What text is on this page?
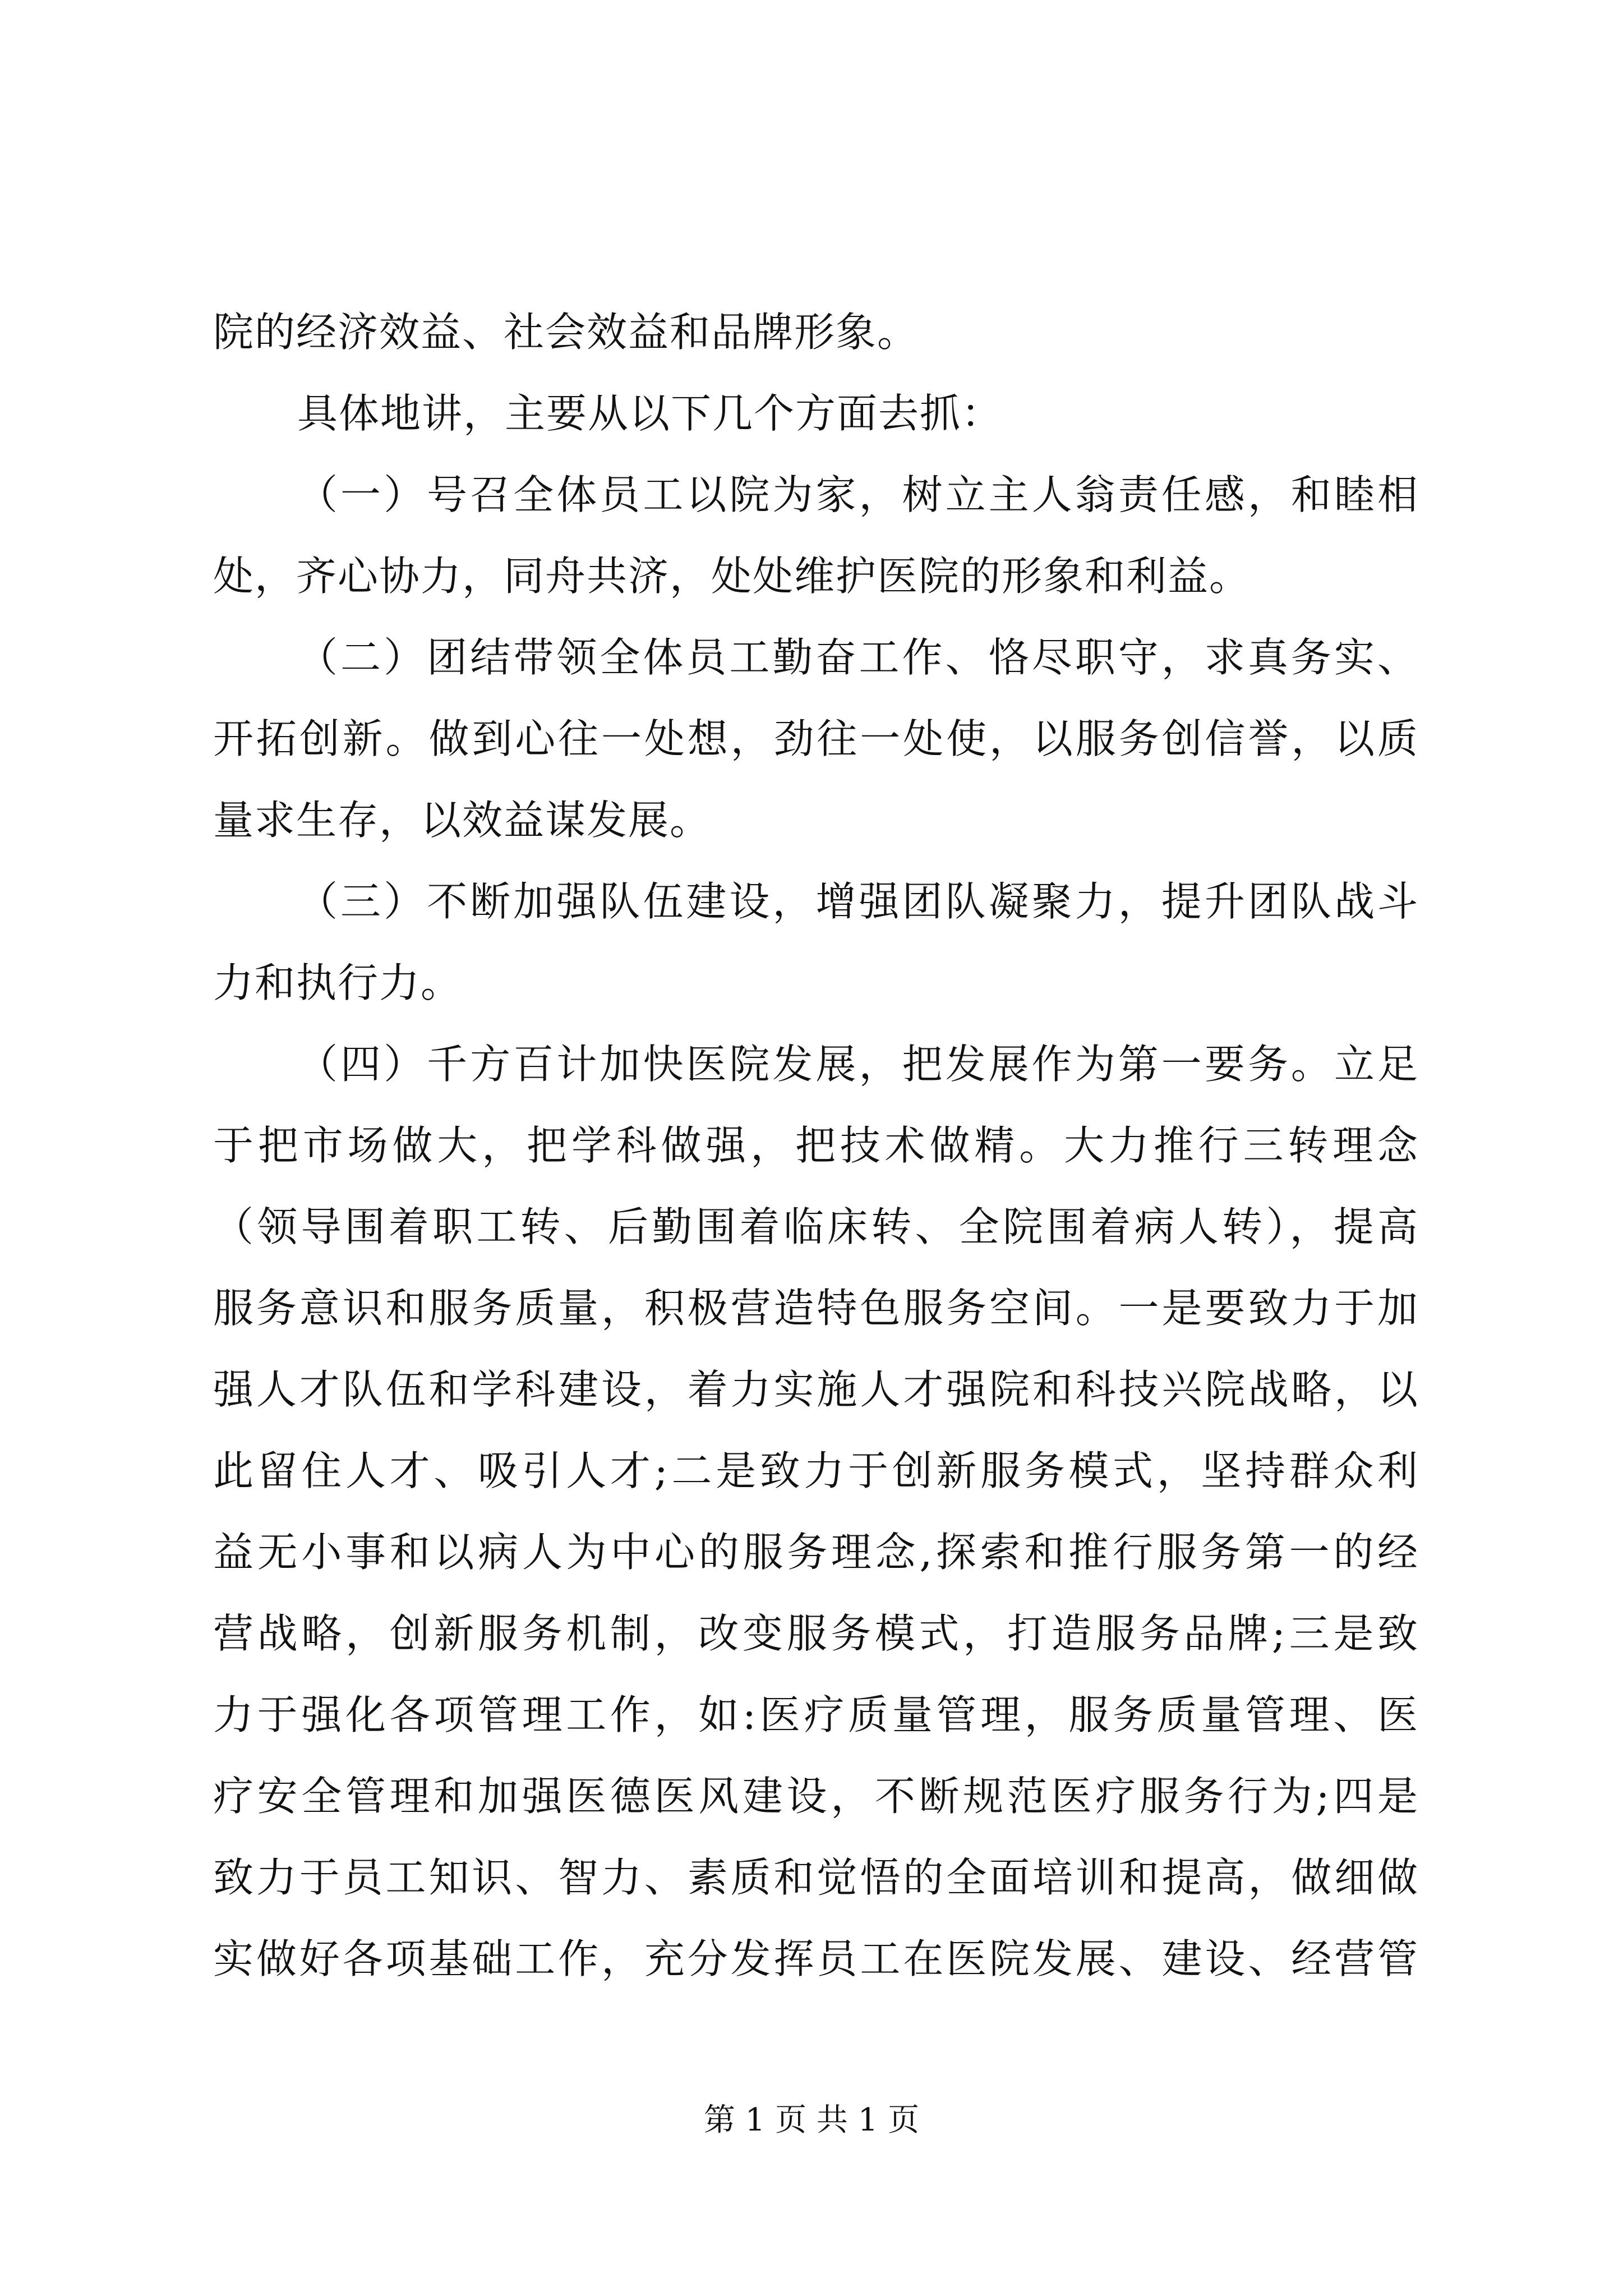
院的经济效益、社会效益和品牌形象。
具体地讲，主要从以下几个方面去抓：
（一）号召全体员工以院为家，树立主人翁责任感，和睦相
处，齐心协力，同舟共济，处处维护医院的形象和利益。
（二）团结带领全体员工勤奋工作、恪尽职守，求真务实、
开拓创新。做到心往一处想，劲往一处使，以服务创信誉，以质
量求生存，以效益谋发展。
（三）不断加强队伍建设，增强团队凝聚力，提升团队战斗
力和执行力。
（四）千方百计加快医院发展，把发展作为第一要务。立足
于把市场做大，把学科做强，把技术做精。大力推行三转理念
（领导围着职工转、后勤围着临床转、全院围着病人转），提高
服务意识和服务质量，积极营造特色服务空间。一是要致力于加
强人才队伍和学科建设，着力实施人才强院和科技兴院战略，以
此留住人才、吸引人才;二是致力于创新服务模式，坚持群众利
益无小事和以病人为中心的服务理念,探索和推行服务第一的经
营战略，创新服务机制，改变服务模式，打造服务品牌;三是致
力于强化各项管理工作，如:医疗质量管理，服务质量管理、医
疗安全管理和加强医德医风建设，不断规范医疗服务行为;四是
致力于员工知识、智力、素质和觉悟的全面培训和提高，做细做
实做好各项基础工作，充分发挥员工在医院发展、建设、经营管
第 1 页 共 1 页
